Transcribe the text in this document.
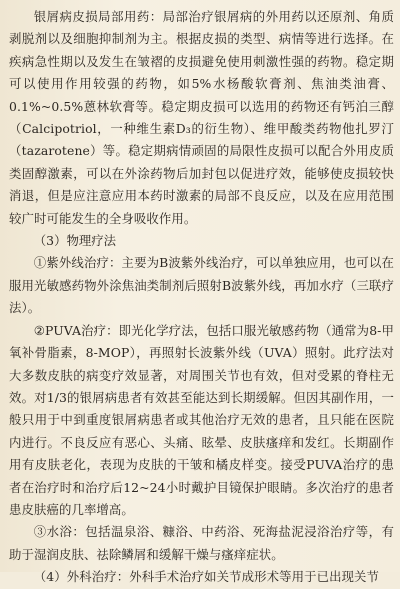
银屑病皮损局部用药：局部治疗银屑病的外用药以还原剂、角质剥脱剂以及细胞抑制剂为主。根据皮损的类型、病情等进行选择。在疾病急性期以及发生在皱褶的皮损避免使用刺激性强的药物。稳定期可以使用作用较强的药物，如5%水杨酸软膏剂、焦油类油膏、0.1%~0.5%蒽林软膏等。稳定期皮损可以选用的药物还有钙泊三醇（Calcipotriol，一种维生素D₃的衍生物）、维甲酸类药物他扎罗汀（tazarotene）等。稳定期病情顽固的局限性皮损可以配合外用皮质类固醇激素，可以在外涂药物后加封包以促进疗效，能够使皮损较快消退，但是应注意应用本药时激素的局部不良反应，以及在应用范围较广时可能发生的全身吸收作用。

（3）物理疗法

①紫外线治疗：主要为B波紫外线治疗，可以单独应用，也可以在服用光敏感药物外涂焦油类制剂后照射B波紫外线，再加水疗（三联疗法）。

②PUVA治疗：即光化学疗法，包括口服光敏感药物（通常为8-甲氧补骨脂素，8-MOP），再照射长波紫外线（UVA）照射。此疗法对大多数皮肤的病变疗效显著，对周围关节也有效，但对受累的脊柱无效。对1/3的银屑病患者有效甚至能达到长期缓解。但因其副作用，一般只用于中到重度银屑病患者或其他治疗无效的患者，且只能在医院内进行。不良反应有恶心、头痛、眩晕、皮肤瘙痒和发红。长期副作用有皮肤老化，表现为皮肤的干皱和橘皮样变。接受PUVA治疗的患者在治疗时和治疗后12~24小时戴护目镜保护眼睛。多次治疗的患者患皮肤癌的几率增高。

③水浴：包括温泉浴、糠浴、中药浴、死海盐泥浸浴治疗等，有助于湿润皮肤、祛除鳞屑和缓解干燥与瘙痒症状。

（4）外科治疗：外科手术治疗如关节成形术等用于已出现关节
